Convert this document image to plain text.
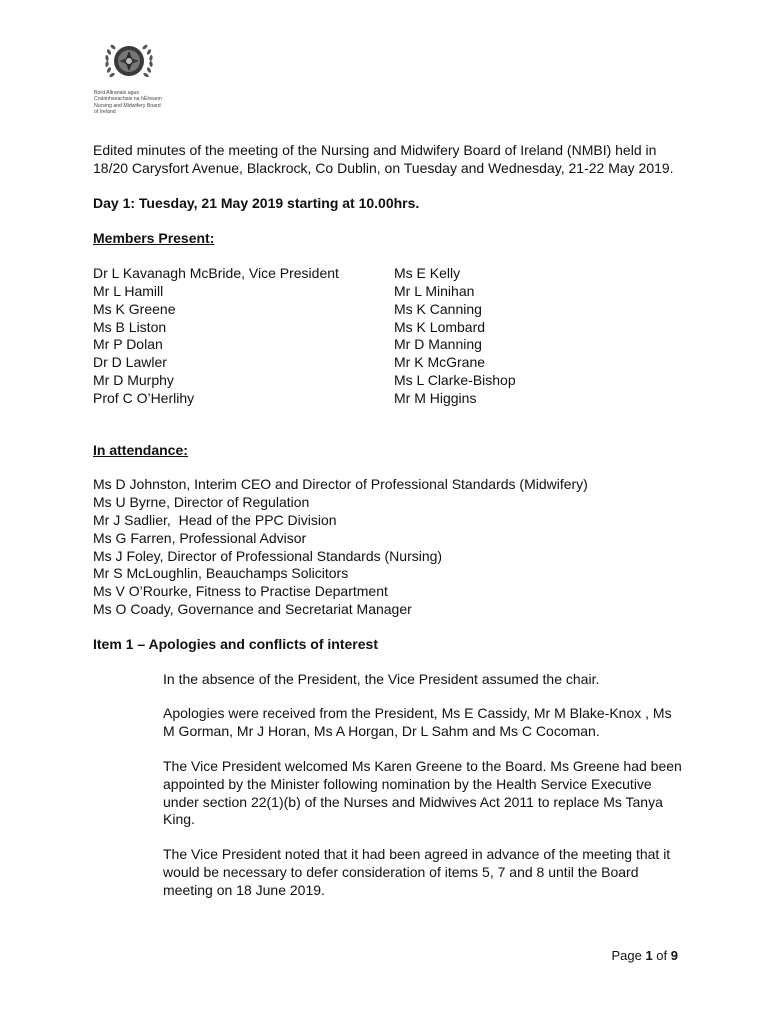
Bord Altranais agus
Cnáimhseachais na hÉireann
Nursing and Midwifery Board
of Ireland

Edited minutes of the meeting of the Nursing and Midwifery Board of Ireland (NMBI) held in 18/20 Carysfort Avenue, Blackrock, Co Dublin, on Tuesday and Wednesday, 21-22 May 2019.

Day 1: Tuesday, 21 May 2019 starting at 10.00hrs.

Members Present:

Dr L Kavanagh McBride, Vice President
Mr L Hamill
Ms K Greene
Ms B Liston
Mr P Dolan
Dr D Lawler
Mr D Murphy
Prof C O’Herlihy
Ms E Kelly
Mr L Minihan
Ms K Canning
Ms K Lombard
Mr D Manning
Mr K McGrane
Ms L Clarke-Bishop
Mr M Higgins

In attendance:

Ms D Johnston, Interim CEO and Director of Professional Standards (Midwifery)
Ms U Byrne, Director of Regulation
Mr J Sadlier,  Head of the PPC Division
Ms G Farren, Professional Advisor
Ms J Foley, Director of Professional Standards (Nursing)
Mr S McLoughlin, Beauchamps Solicitors
Ms V O’Rourke, Fitness to Practise Department
Ms O Coady, Governance and Secretariat Manager

Item 1 – Apologies and conflicts of interest

In the absence of the President, the Vice President assumed the chair.

Apologies were received from the President, Ms E Cassidy, Mr M Blake-Knox , Ms M Gorman, Mr J Horan, Ms A Horgan, Dr L Sahm and Ms C Cocoman.

The Vice President welcomed Ms Karen Greene to the Board. Ms Greene had been appointed by the Minister following nomination by the Health Service Executive under section 22(1)(b) of the Nurses and Midwives Act 2011 to replace Ms Tanya King.

The Vice President noted that it had been agreed in advance of the meeting that it would be necessary to defer consideration of items 5, 7 and 8 until the Board meeting on 18 June 2019.

Page 1 of 9
